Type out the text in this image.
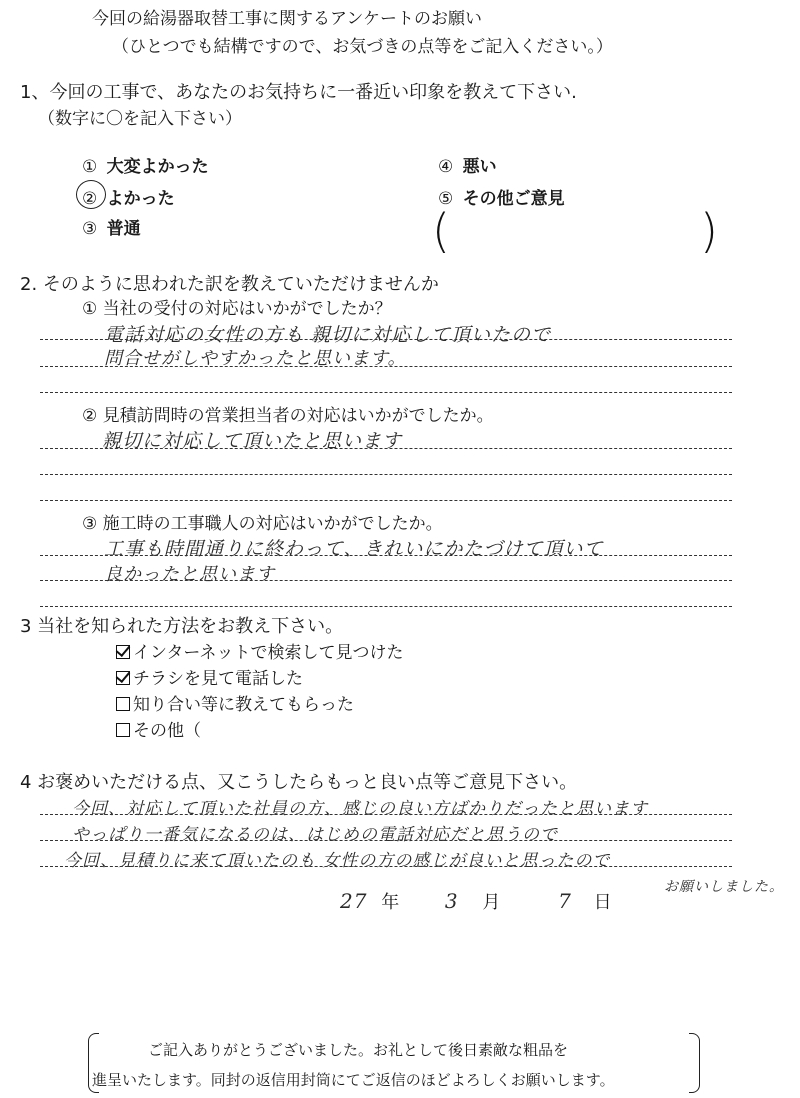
今回の給湯器取替工事に関するアンケートのお願い
（ひとつでも結構ですので、お気づきの点等をご記入ください。）
1、今回の工事で、あなたのお気持ちに一番近い印象を教えて下さい.
（数字に〇を記入下さい）
① 大変よかった
② よかった
③ 普通
④ 悪い
⑤ その他ご意見
(	)
2. そのように思われた訳を教えていただけませんか
① 当社の受付の対応はいかがでしたか？
電話対応の女性の方も 親切に対応して頂いたので
問合せがしやすかったと思います。
② 見積訪問時の営業担当者の対応はいかがでしたか。
親切に対応して頂いたと思います
③ 施工時の工事職人の対応はいかがでしたか。
工事も時間通りに終わって、きれいにかたづけて頂いて
良かったと思います
3 当社を知られた方法をお教え下さい。
インターネットで検索して見つけた
チラシを見て電話した
知り合い等に教えてもらった
その他（
4 お褒めいただける点、又こうしたらもっと良い点等ご意見下さい。
今回、対応して頂いた社員の方、感じの良い方ばかりだったと思います
やっぱり一番気になるのは、はじめの電話対応だと思うので
今回、見積りに来て頂いたのも 女性の方の感じが良いと思ったので
お願いしました。
27 年 3 月	7 日
ご記入ありがとうございました。お礼として後日素敵な粗品を
進呈いたします。同封の返信用封筒にてご返信のほどよろしくお願いします。
